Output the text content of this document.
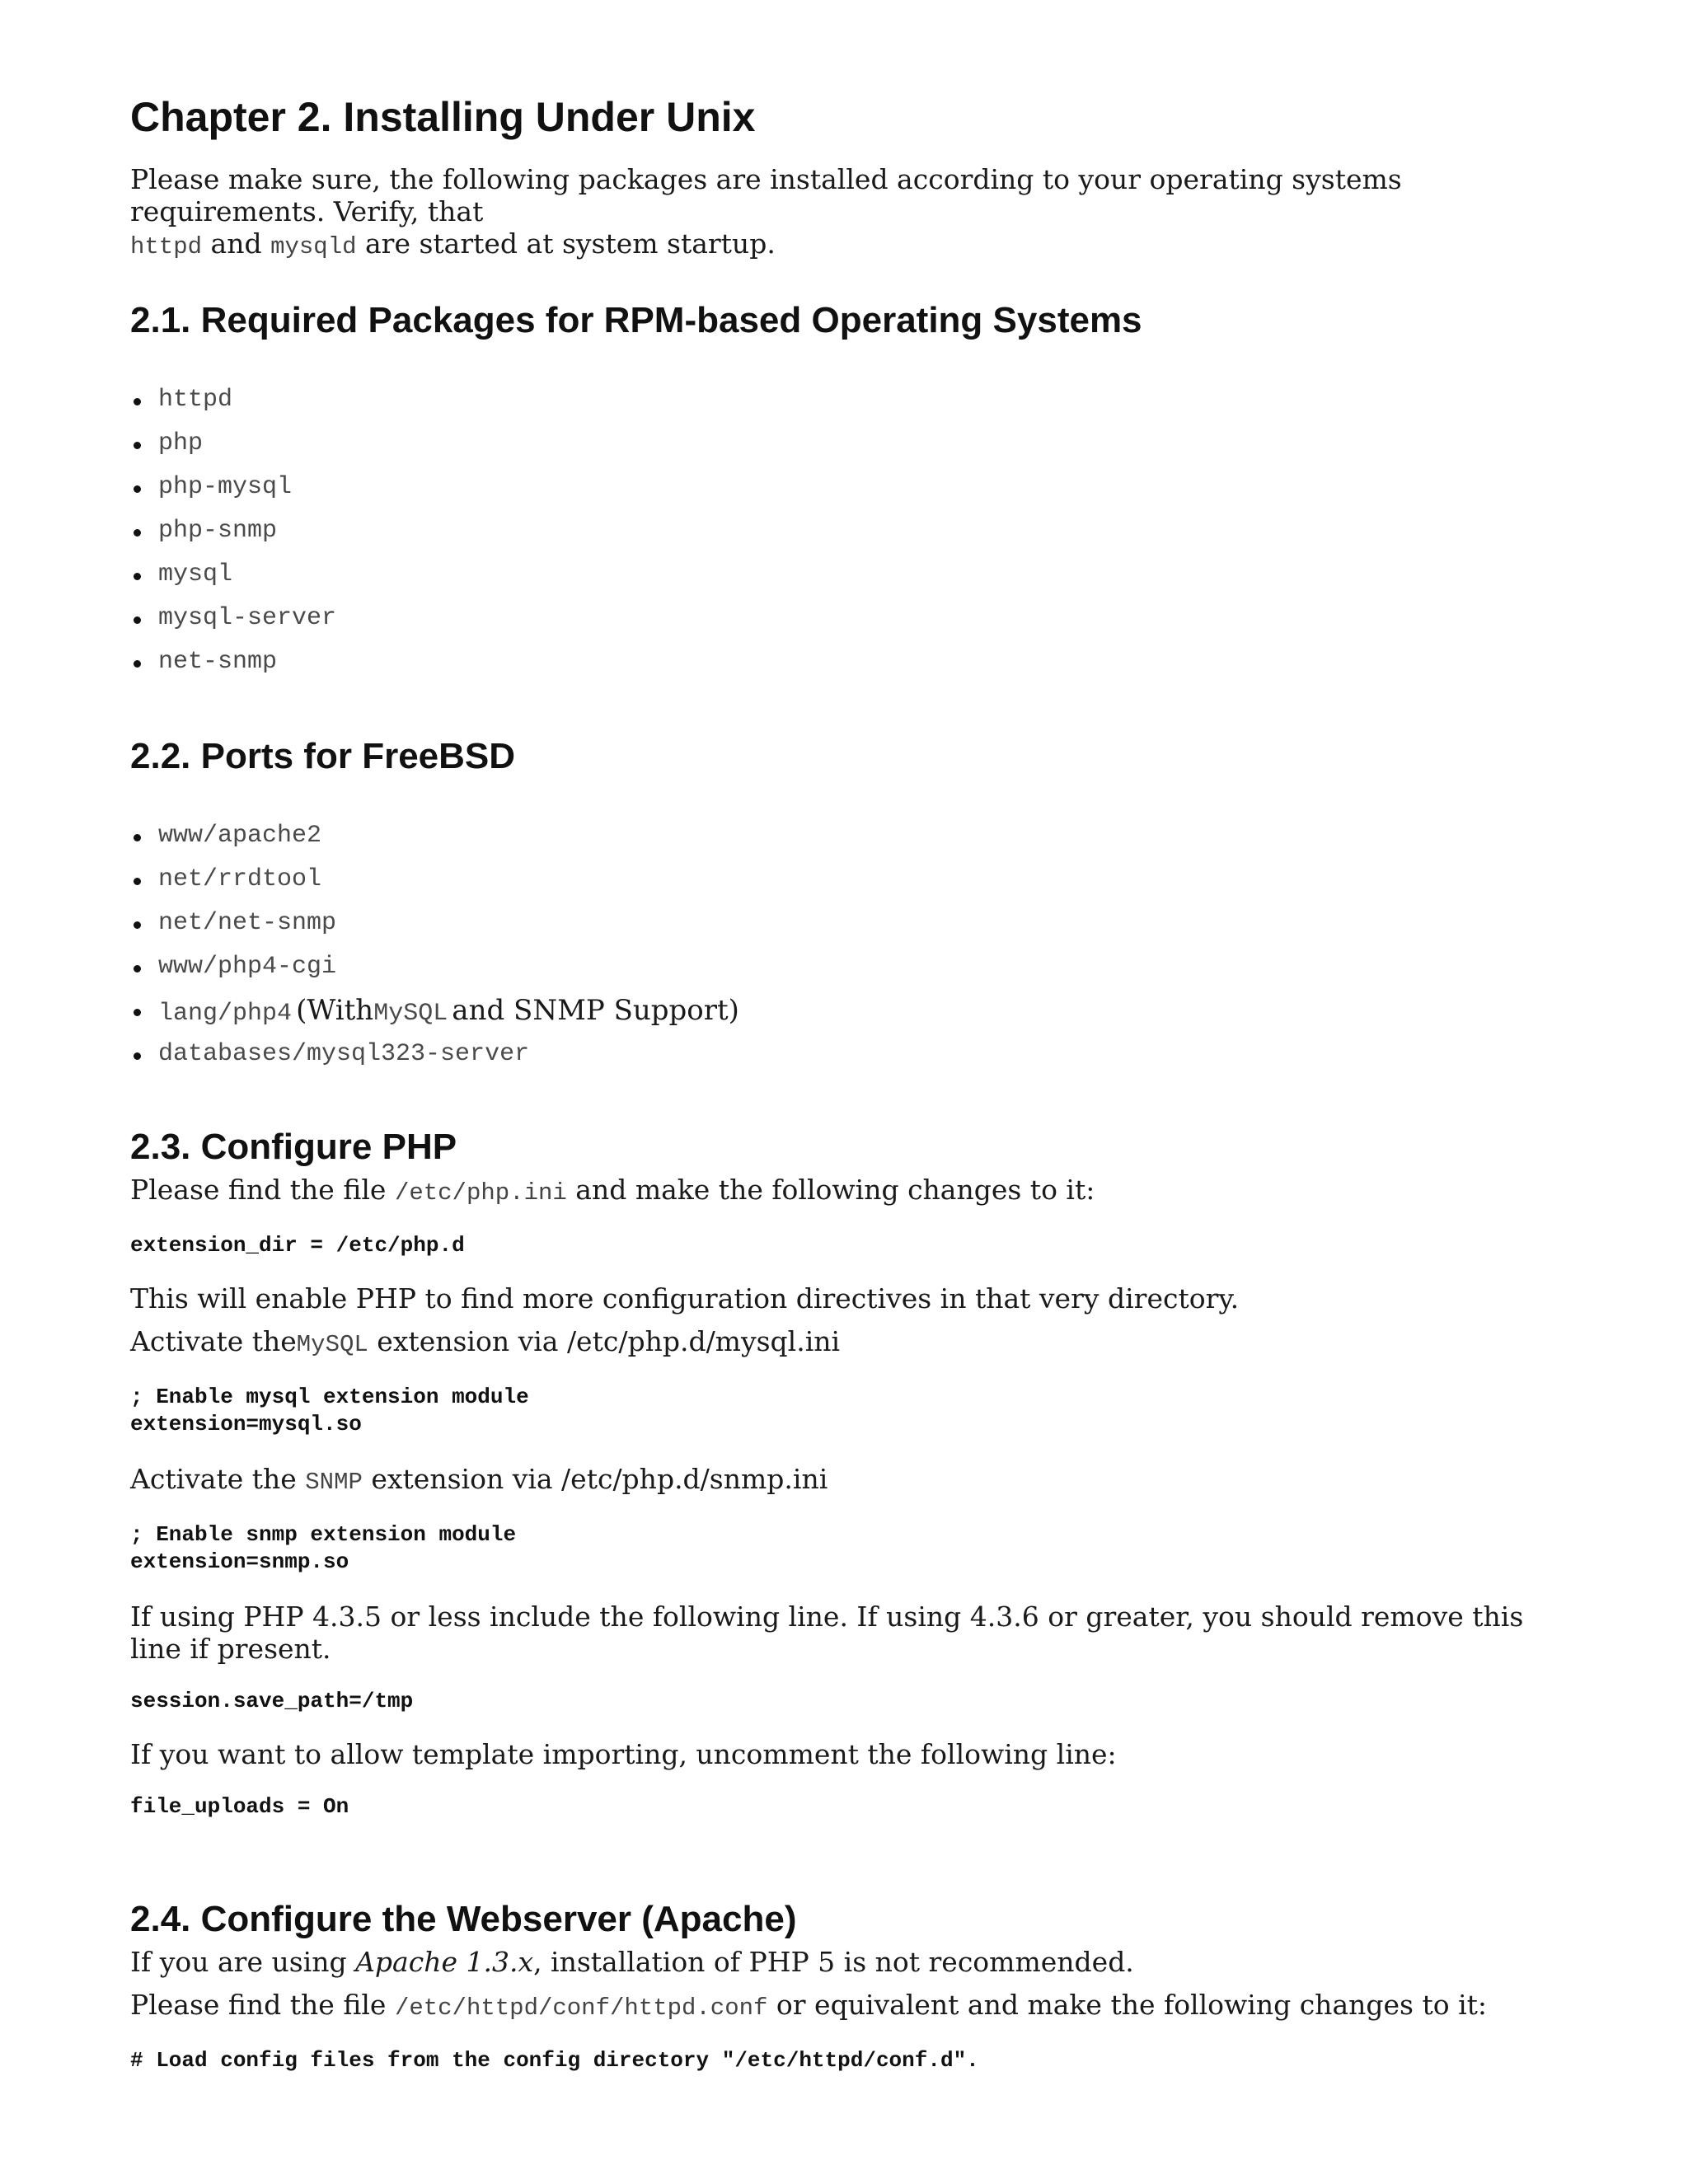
Chapter 2. Installing Under Unix

Please make sure, the following packages are installed according to your operating systems requirements. Verify, that
httpd and mysqld are started at system startup.

2.1. Required Packages for RPM-based Operating Systems
httpd
php
php-mysql
php-snmp
mysql
mysql-server
net-snmp
2.2. Ports for FreeBSD
www/apache2
net/rrdtool
net/net-snmp
www/php4-cgi
lang/php4 (WithMySQL and SNMP Support)
databases/mysql323-server
2.3. Configure PHP

Please find the file /etc/php.ini and make the following changes to it:

extension_dir = /etc/php.d

This will enable PHP to find more configuration directives in that very directory.

Activate theMySQL extension via /etc/php.d/mysql.ini

; Enable mysql extension module
extension=mysql.so

Activate the SNMP extension via /etc/php.d/snmp.ini

; Enable snmp extension module
extension=snmp.so

If using PHP 4.3.5 or less include the following line. If using 4.3.6 or greater, you should remove this line if present.

session.save_path=/tmp

If you want to allow template importing, uncomment the following line:

file_uploads = On
2.4. Configure the Webserver (Apache)

If you are using Apache 1.3.x, installation of PHP 5 is not recommended.

Please find the file /etc/httpd/conf/httpd.conf or equivalent and make the following changes to it:

# Load config files from the config directory "/etc/httpd/conf.d".
